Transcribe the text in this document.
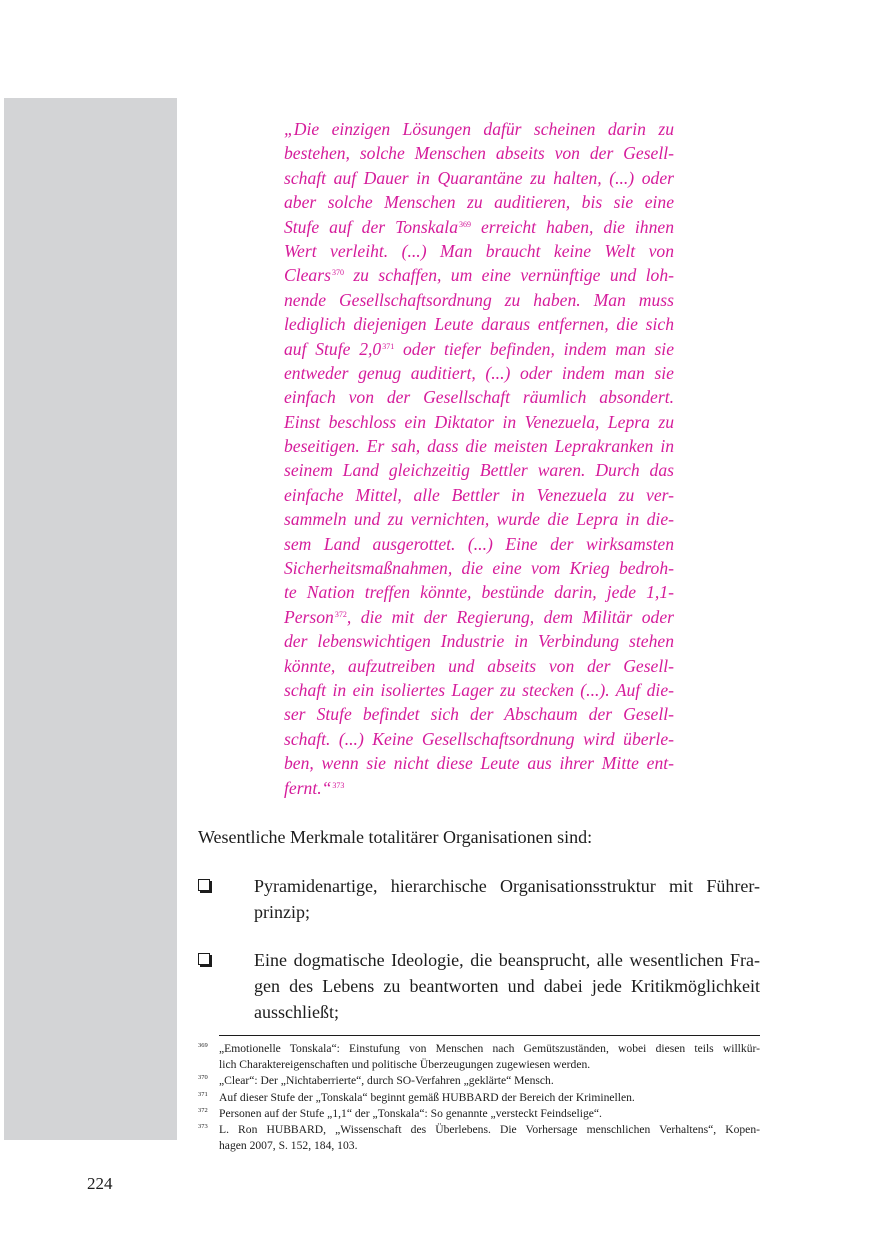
„Die einzigen Lösungen dafür scheinen darin zu
bestehen, solche Menschen abseits von der Gesell-
schaft auf Dauer in Quarantäne zu halten, (...) oder
aber solche Menschen zu auditieren, bis sie eine
Stufe auf der Tonskala$^{369}$ erreicht haben, die ihnen
Wert verleiht. (...) Man braucht keine Welt von
Clears$^{370}$ zu schaffen, um eine vernünftige und loh-
nende Gesellschaftsordnung zu haben. Man muss
lediglich diejenigen Leute daraus entfernen, die sich
auf Stufe $2,0^{371}$ oder tiefer befinden, indem man sie
entweder genug auditiert, (...) oder indem man sie
einfach von der Gesellschaft räumlich absondert.
Einst beschloss ein Diktator in Venezuela, Lepra zu
beseitigen. Er sah, dass die meisten Leprakranken in
seinem Land gleichzeitig Bettler waren. Durch das
einfache Mittel, alle Bettler in Venezuela zu ver-
sammeln und zu vernichten, wurde die Lepra in die-
sem Land ausgerottet. (...) Eine der wirksamsten
Sicherheitsmaßnahmen, die eine vom Krieg bedroh-
te Nation treffen könnte, bestünde darin, jede 1,1-
Person$^{372}$, die mit der Regierung, dem Militär oder
der lebenswichtigen Industrie in Verbindung stehen
könnte, aufzutreiben und abseits von der Gesell-
schaft in ein isoliertes Lager zu stecken (...). Auf die-
ser Stufe befindet sich der Abschaum der Gesell-
schaft. (...) Keine Gesellschaftsordnung wird überle-
ben, wenn sie nicht diese Leute aus ihrer Mitte ent-
fernt.“$^{373}$
Wesentliche Merkmale totalitärer Organisationen sind:
Pyramidenartige, hierarchische Organisationsstruktur mit Führer-
prinzip;
Eine dogmatische Ideologie, die beansprucht, alle wesentlichen Fra-
gen des Lebens zu beantworten und dabei jede Kritikmöglichkeit
ausschließt;
369 „Emotionelle Tonskala“: Einstufung von Menschen nach Gemütszuständen, wobei diesen teils willkür-
lich Charaktereigenschaften und politische Überzeugungen zugewiesen werden.
370 „Clear“: Der „Nichtaberrierte“, durch SO-Verfahren „geklärte“ Mensch.
371 Auf dieser Stufe der „Tonskala“ beginnt gemäß HUBBARD der Bereich der Kriminellen.
372 Personen auf der Stufe „1,1“ der „Tonskala“: So genannte „versteckt Feindselige“.
373 L. Ron HUBBARD, „Wissenschaft des Überlebens. Die Vorhersage menschlichen Verhaltens“, Kopen-
hagen 2007, S. 152, 184, 103.
224
